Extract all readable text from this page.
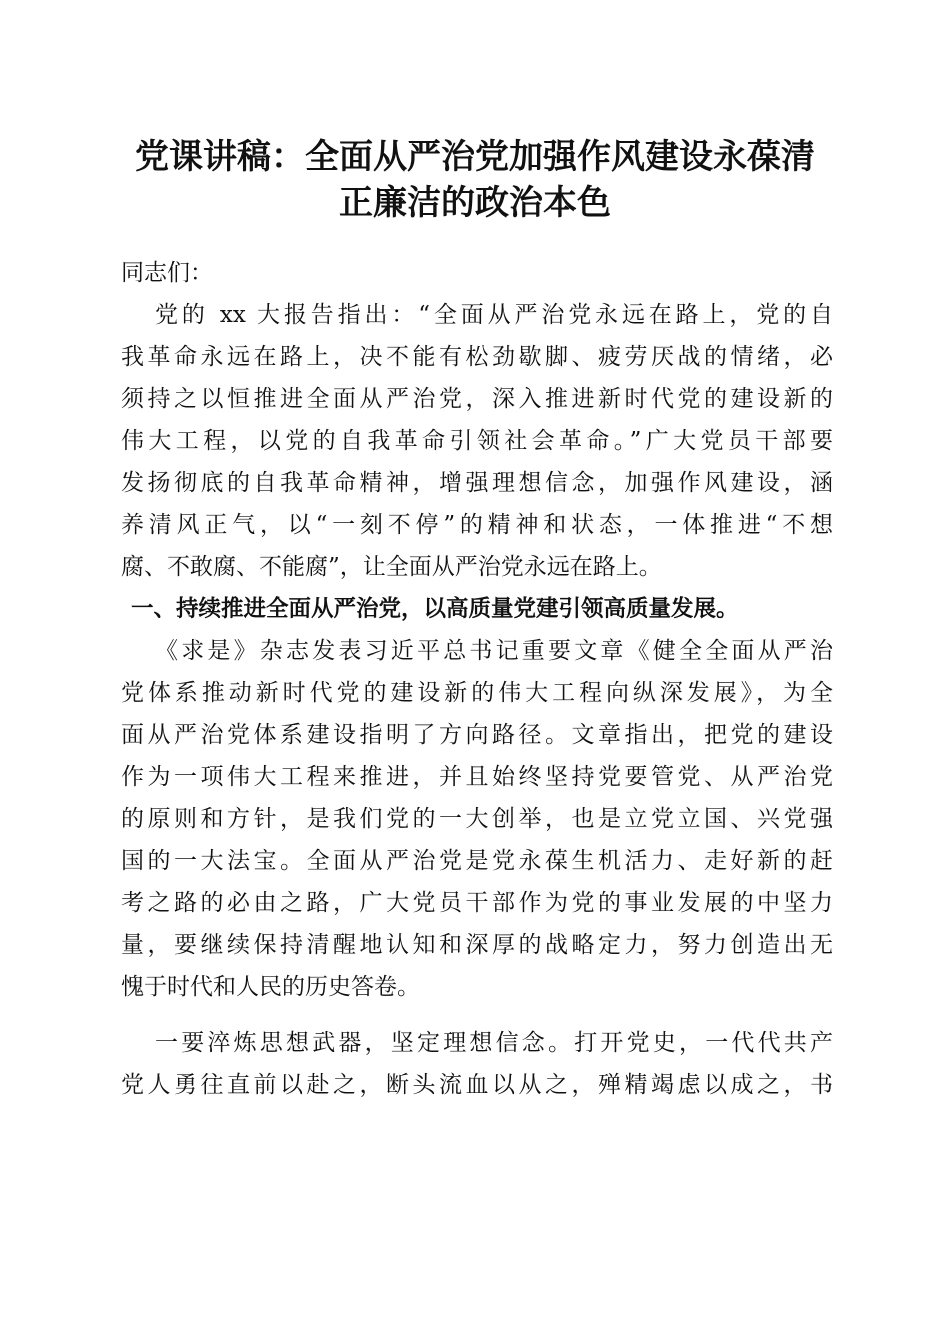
党课讲稿：全面从严治党加强作风建设永葆清
正廉洁的政治本色
同志们：
党的 xx 大报告指出：“全面从严治党永远在路上，党的自
我革命永远在路上，决不能有松劲歇脚、疲劳厌战的情绪，必
须持之以恒推进全面从严治党，深入推进新时代党的建设新的
伟大工程，以党的自我革命引领社会革命。”广大党员干部要
发扬彻底的自我革命精神，增强理想信念，加强作风建设，涵
养清风正气，以“一刻不停”的精神和状态，一体推进“不想
腐、不敢腐、不能腐”，让全面从严治党永远在路上。
一、持续推进全面从严治党，以高质量党建引领高质量发展。
《求是》杂志发表习近平总书记重要文章《健全全面从严治
党体系推动新时代党的建设新的伟大工程向纵深发展》，为全
面从严治党体系建设指明了方向路径。文章指出，把党的建设
作为一项伟大工程来推进，并且始终坚持党要管党、从严治党
的原则和方针，是我们党的一大创举，也是立党立国、兴党强
国的一大法宝。全面从严治党是党永葆生机活力、走好新的赶
考之路的必由之路，广大党员干部作为党的事业发展的中坚力
量，要继续保持清醒地认知和深厚的战略定力，努力创造出无
愧于时代和人民的历史答卷。
一要淬炼思想武器，坚定理想信念。打开党史，一代代共产
党人勇往直前以赴之，断头流血以从之，殚精竭虑以成之，书
